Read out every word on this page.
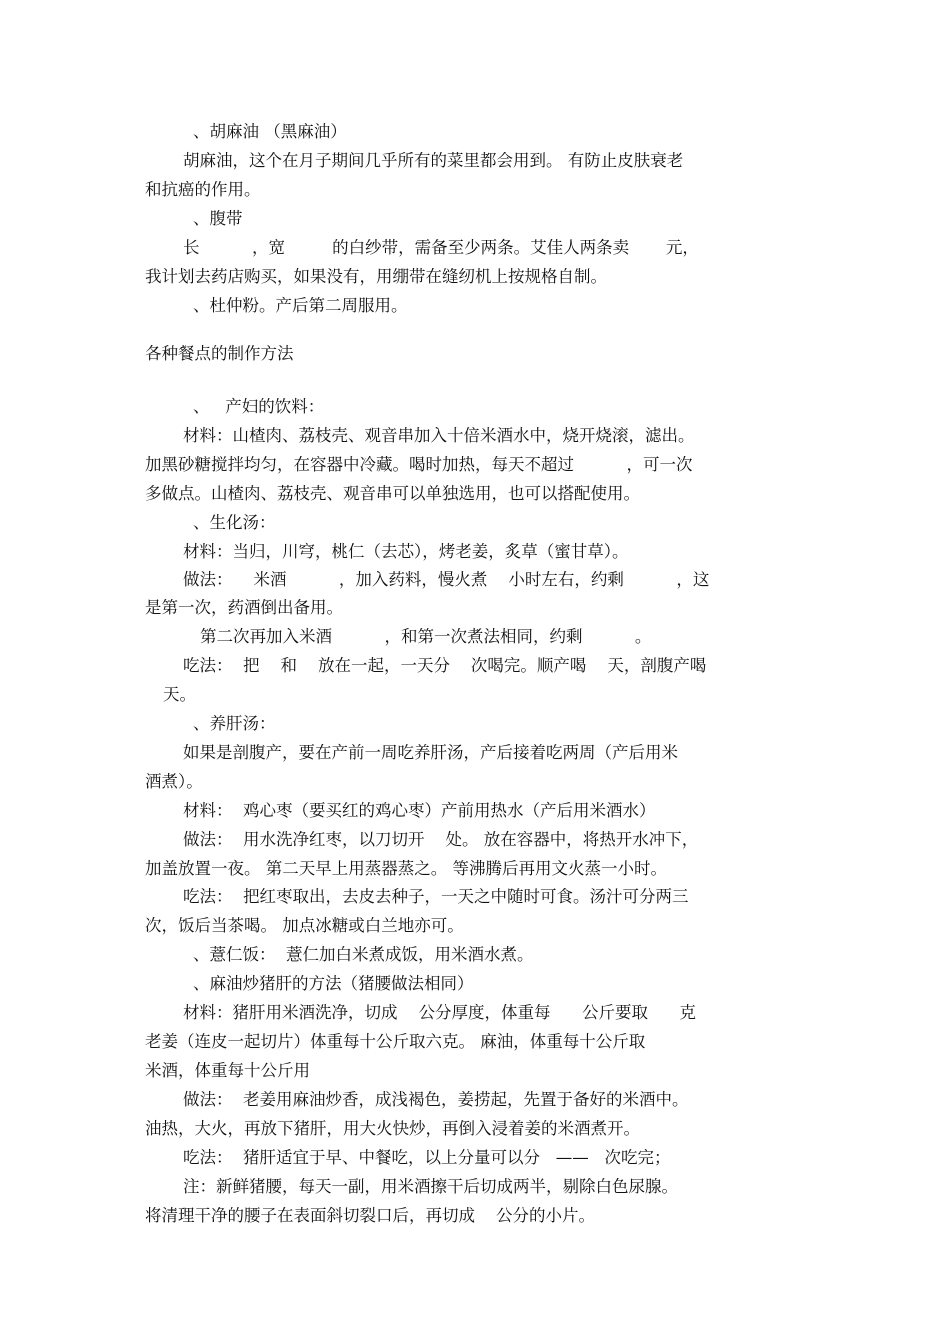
、胡麻油 （黑麻油）

胡麻油，这个在月子期间几乎所有的菜里都会用到。 有防止皮肤衰老

和抗癌的作用。

、腹带

长          ，宽         的白纱带，需备至少两条。艾佳人两条卖       元，

我计划去药店购买，如果没有，用绷带在缝纫机上按规格自制。

、杜仲粉。产后第二周服用。

各种餐点的制作方法

、   产妇的饮料：

材料：山楂肉、荔枝壳、观音串加入十倍米酒水中，烧开烧滚，滤出。

加黑砂糖搅拌均匀，在容器中冷藏。喝时加热，每天不超过          ，可一次

多做点。山楂肉、荔枝壳、观音串可以单独选用，也可以搭配使用。

、生化汤：

材料：当归，川穹，桃仁（去芯），烤老姜，炙草（蜜甘草）。

做法：    米酒          ，加入药料，慢火煮    小时左右，约剩          ，这

是第一次，药酒倒出备用。

第二次再加入米酒          ，和第一次煮法相同，约剩          。

吃法：  把    和    放在一起，一天分    次喝完。顺产喝    天，剖腹产喝

天。

、养肝汤：

如果是剖腹产，要在产前一周吃养肝汤，产后接着吃两周（产后用米

酒煮）。

材料：  鸡心枣（要买红的鸡心枣）产前用热水（产后用米酒水）

做法：  用水洗净红枣，以刀切开    处。 放在容器中，将热开水冲下，

加盖放置一夜。 第二天早上用蒸器蒸之。 等沸腾后再用文火蒸一小时。

吃法：  把红枣取出，去皮去种子，一天之中随时可食。汤汁可分两三

次，饭后当茶喝。 加点冰糖或白兰地亦可。

、薏仁饭：  薏仁加白米煮成饭，用米酒水煮。

、麻油炒猪肝的方法（猪腰做法相同）

材料：猪肝用米酒洗净，切成    公分厚度，体重每      公斤要取      克

老姜（连皮一起切片）体重每十公斤取六克。 麻油，体重每十公斤取

米酒，体重每十公斤用

做法：  老姜用麻油炒香，成浅褐色，姜捞起，先置于备好的米酒中。

油热，大火，再放下猪肝，用大火快炒，再倒入浸着姜的米酒煮开。

吃法：  猪肝适宜于早、中餐吃，以上分量可以分   ——   次吃完；

注：新鲜猪腰，每天一副，用米酒擦干后切成两半，剔除白色尿腺。

将清理干净的腰子在表面斜切裂口后，再切成    公分的小片。
